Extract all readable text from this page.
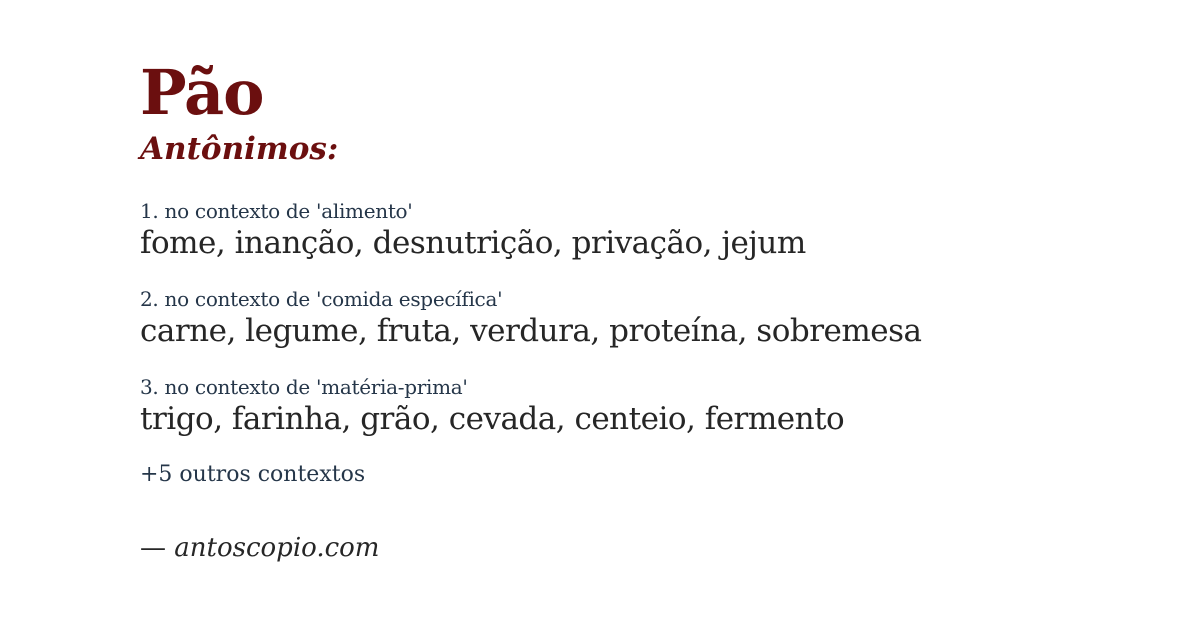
Pão
Antônimos:
1. no contexto de 'alimento'
fome, inanção, desnutrição, privação, jejum
2. no contexto de 'comida específica'
carne, legume, fruta, verdura, proteína, sobremesa
3. no contexto de 'matéria-prima'
trigo, farinha, grão, cevada, centeio, fermento
+5 outros contextos
— antoscopio.com
